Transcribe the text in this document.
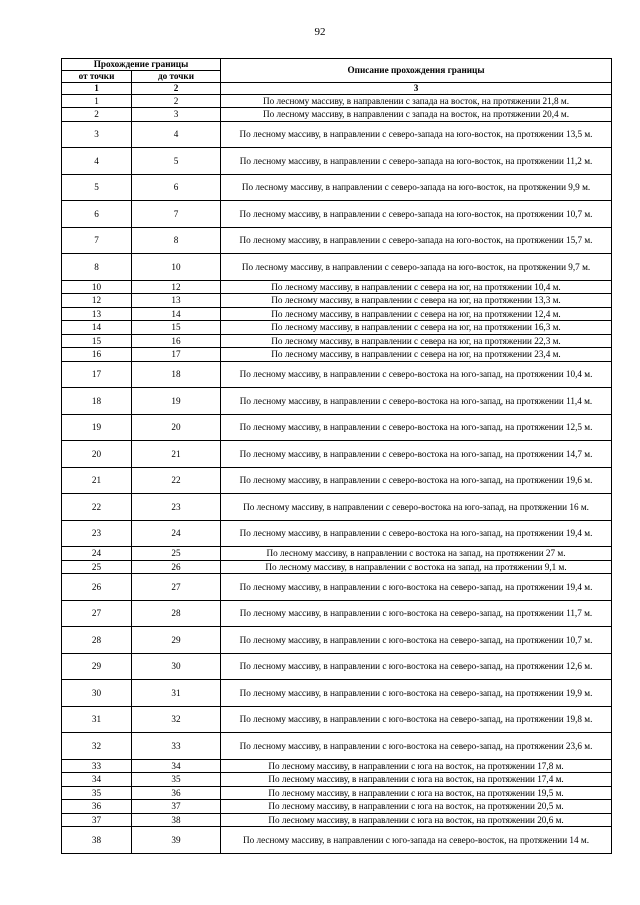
92
Прохождение границы		Описание прохождения границы
от точки	до точки	
1	2	3
1	2	По лесному массиву, в направлении с запада на восток, на протяжении 21,8 м.
2	3	По лесному массиву, в направлении с запада на восток, на протяжении 20,4 м.
3	4	По лесному массиву, в направлении с северо-запада на юго-восток, на протяжении 13,5 м.
4	5	По лесному массиву, в направлении с северо-запада на юго-восток, на протяжении 11,2 м.
5	6	По лесному массиву, в направлении с северо-запада на юго-восток, на протяжении 9,9 м.
6	7	По лесному массиву, в направлении с северо-запада на юго-восток, на протяжении 10,7 м.
7	8	По лесному массиву, в направлении с северо-запада на юго-восток, на протяжении 15,7 м.
8	10	По лесному массиву, в направлении с северо-запада на юго-восток, на протяжении 9,7 м.
10	12	По лесному массиву, в направлении с севера на юг, на протяжении 10,4 м.
12	13	По лесному массиву, в направлении с севера на юг, на протяжении 13,3 м.
13	14	По лесному массиву, в направлении с севера на юг, на протяжении 12,4 м.
14	15	По лесному массиву, в направлении с севера на юг, на протяжении 16,3 м.
15	16	По лесному массиву, в направлении с севера на юг, на протяжении 22,3 м.
16	17	По лесному массиву, в направлении с севера на юг, на протяжении 23,4 м.
17	18	По лесному массиву, в направлении с северо-востока на юго-запад, на протяжении 10,4 м.
18	19	По лесному массиву, в направлении с северо-востока на юго-запад, на протяжении 11,4 м.
19	20	По лесному массиву, в направлении с северо-востока на юго-запад, на протяжении 12,5 м.
20	21	По лесному массиву, в направлении с северо-востока на юго-запад, на протяжении 14,7 м.
21	22	По лесному массиву, в направлении с северо-востока на юго-запад, на протяжении 19,6 м.
22	23	По лесному массиву, в направлении с северо-востока на юго-запад, на протяжении 16 м.
23	24	По лесному массиву, в направлении с северо-востока на юго-запад, на протяжении 19,4 м.
24	25	По лесному массиву, в направлении с востока на запад, на протяжении 27 м.
25	26	По лесному массиву, в направлении с востока на запад, на протяжении 9,1 м.
26	27	По лесному массиву, в направлении с юго-востока на северо-запад, на протяжении 19,4 м.
27	28	По лесному массиву, в направлении с юго-востока на северо-запад, на протяжении 11,7 м.
28	29	По лесному массиву, в направлении с юго-востока на северо-запад, на протяжении 10,7 м.
29	30	По лесному массиву, в направлении с юго-востока на северо-запад, на протяжении 12,6 м.
30	31	По лесному массиву, в направлении с юго-востока на северо-запад, на протяжении 19,9 м.
31	32	По лесному массиву, в направлении с юго-востока на северо-запад, на протяжении 19,8 м.
32	33	По лесному массиву, в направлении с юго-востока на северо-запад, на протяжении 23,6 м.
33	34	По лесному массиву, в направлении с юга на восток, на протяжении 17,8 м.
34	35	По лесному массиву, в направлении с юга на восток, на протяжении 17,4 м.
35	36	По лесному массиву, в направлении с юга на восток, на протяжении 19,5 м.
36	37	По лесному массиву, в направлении с юга на восток, на протяжении 20,5 м.
37	38	По лесному массиву, в направлении с юга на восток, на протяжении 20,6 м.
38	39	По лесному массиву, в направлении с юго-запада на северо-восток, на протяжении 14 м.
